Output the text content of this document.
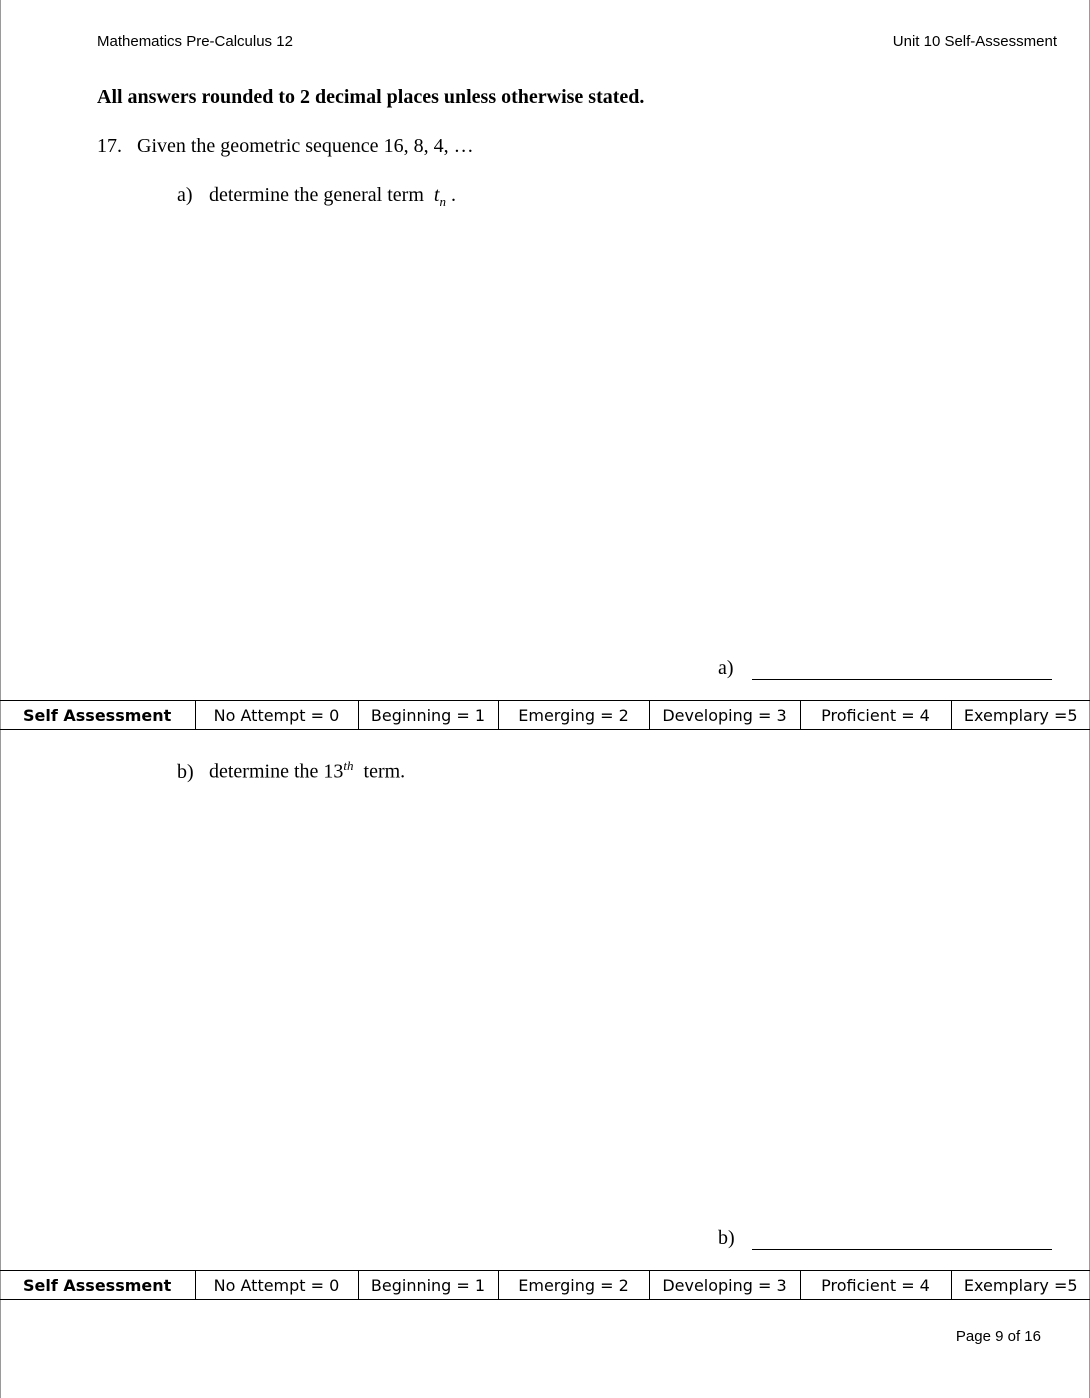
Mathematics Pre-Calculus 12	Unit 10 Self-Assessment
All answers rounded to 2 decimal places unless otherwise stated.
17. Given the geometric sequence 16, 8, 4, …
a) determine the general term $t_n$ .
a)
Self Assessment	No Attempt = 0	Beginning = 1	Emerging = 2	Developing = 3	Proficient = 4	Exemplary =5
b) determine the 13th term.
b)
Self Assessment	No Attempt = 0	Beginning = 1	Emerging = 2	Developing = 3	Proficient = 4	Exemplary =5
Page 9 of 16
